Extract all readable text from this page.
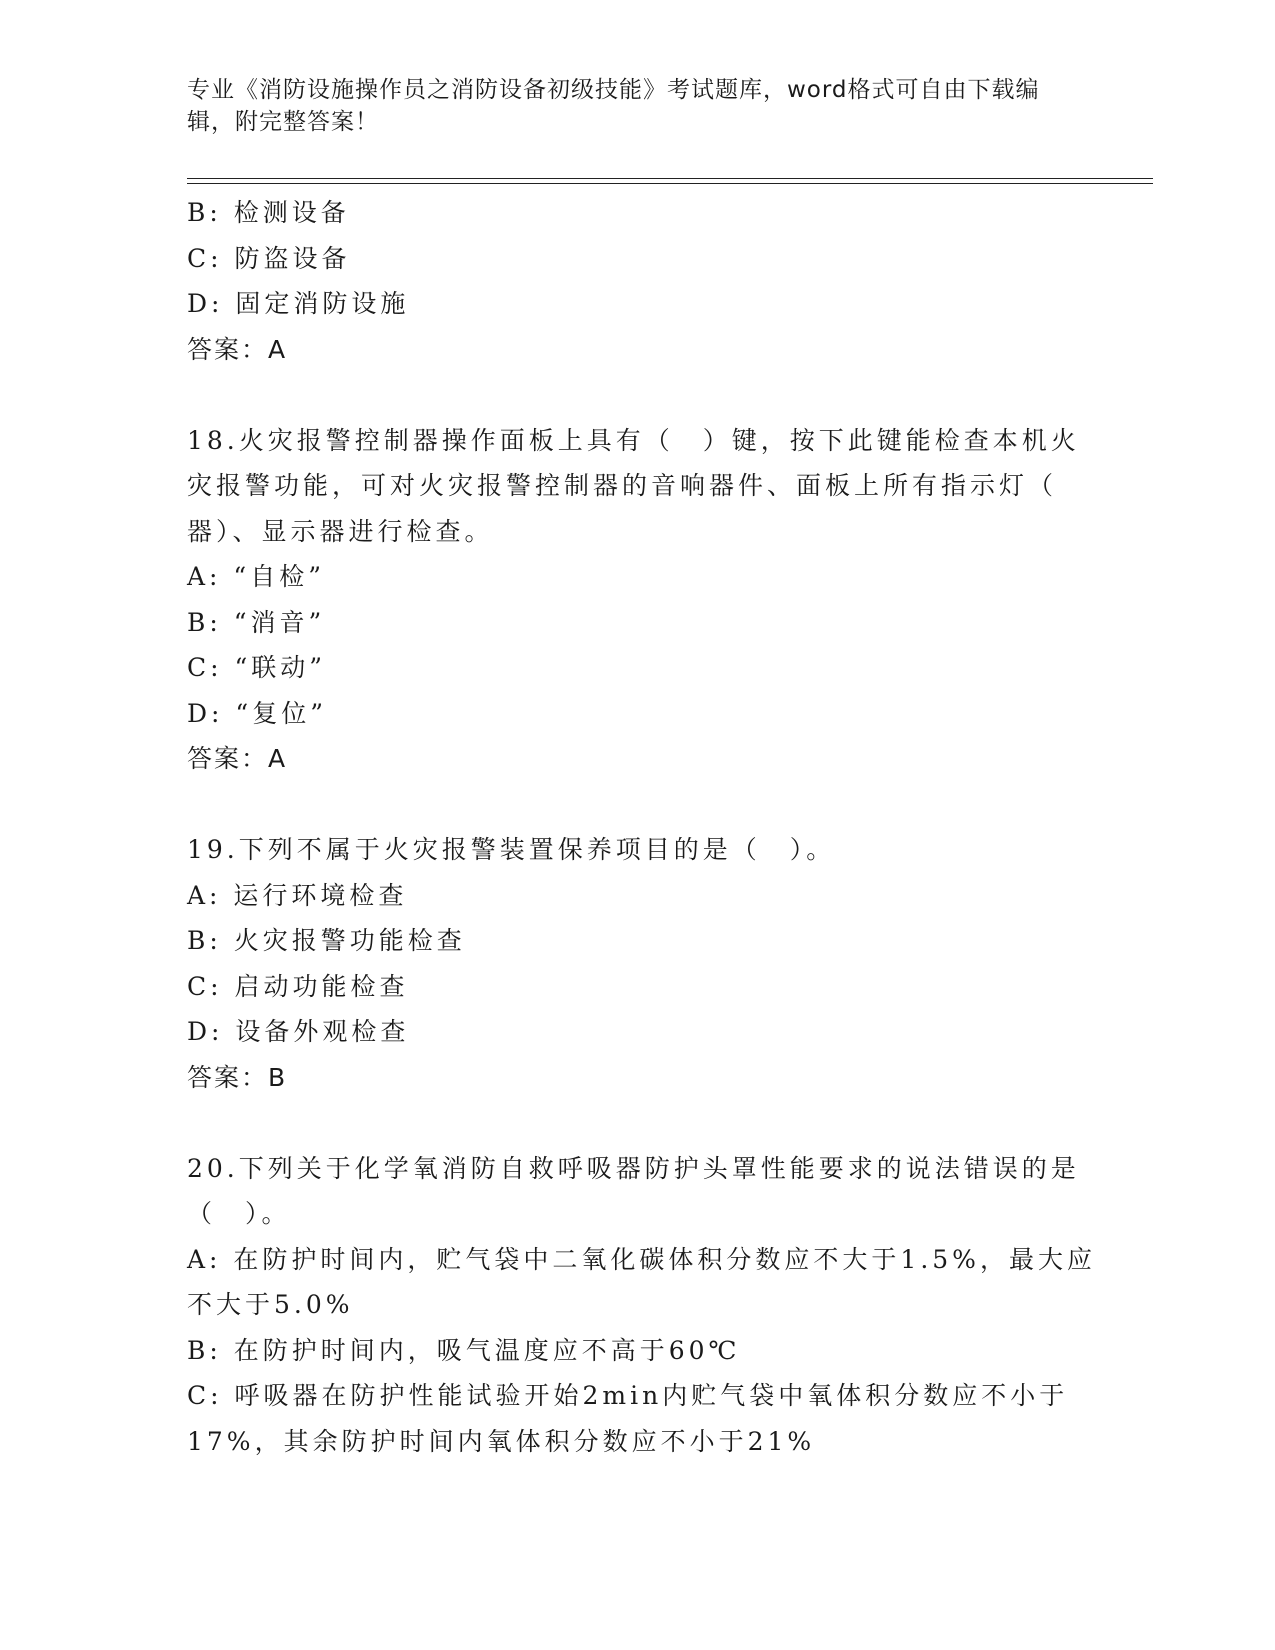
专业《消防设施操作员之消防设备初级技能》考试题库，word格式可自由下载编
辑，附完整答案！
B: 检测设备
C: 防盗设备
D: 固定消防设施
答案：A
18.火灾报警控制器操作面板上具有（　）键，按下此键能检查本机火
灾报警功能，可对火灾报警控制器的音响器件、面板上所有指示灯（
器）、显示器进行检查。
A: “自检”
B: “消音”
C: “联动”
D: “复位”
答案：A
19.下列不属于火灾报警装置保养项目的是（　）。
A: 运行环境检查
B: 火灾报警功能检查
C: 启动功能检查
D: 设备外观检查
答案：B
20.下列关于化学氧消防自救呼吸器防护头罩性能要求的说法错误的是
（　）。
A: 在防护时间内，贮气袋中二氧化碳体积分数应不大于1.5%，最大应
不大于5.0%
B: 在防护时间内，吸气温度应不高于60℃
C: 呼吸器在防护性能试验开始2min内贮气袋中氧体积分数应不小于
17%，其余防护时间内氧体积分数应不小于21%
